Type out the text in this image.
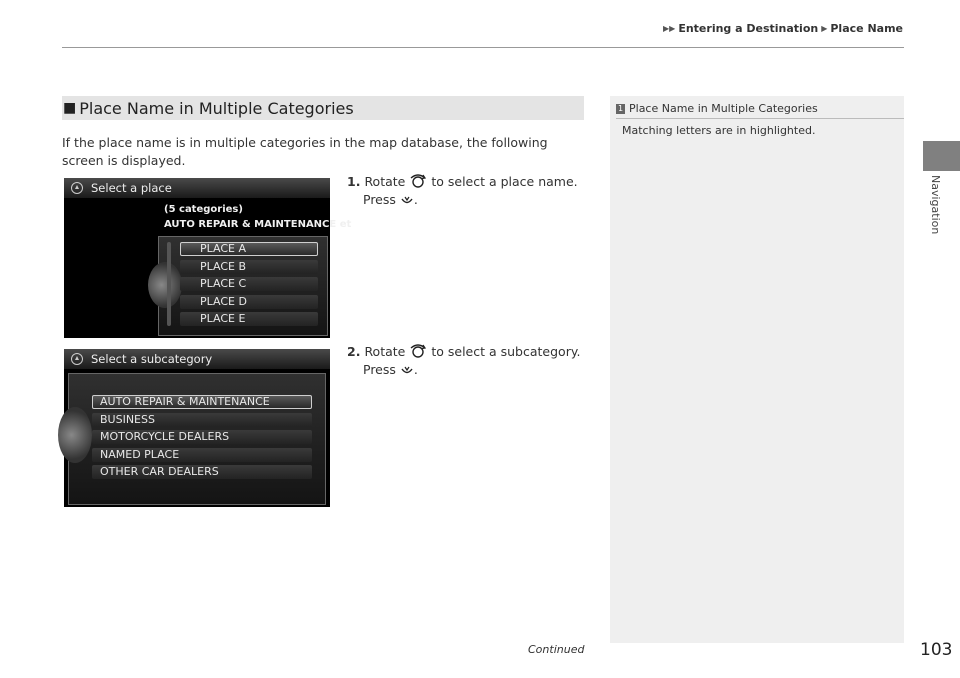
▶▶ Entering a Destination ▶ Place Name
■ Place Name in Multiple Categories
If the place name is in multiple categories in the map database, the following screen is displayed.
1. Rotate to select a place name.
Press .
2. Rotate to select a subcategory.
Press .
Select a place
(5 categories)
AUTO REPAIR & MAINTENANCE et
PLACE A
PLACE B
PLACE C
PLACE D
PLACE E
Select a subcategory
AUTO REPAIR & MAINTENANCE
BUSINESS
MOTORCYCLE DEALERS
NAMED PLACE
OTHER CAR DEALERS
1 Place Name in Multiple Categories
Matching letters are in highlighted.
Navigation
Continued	103
